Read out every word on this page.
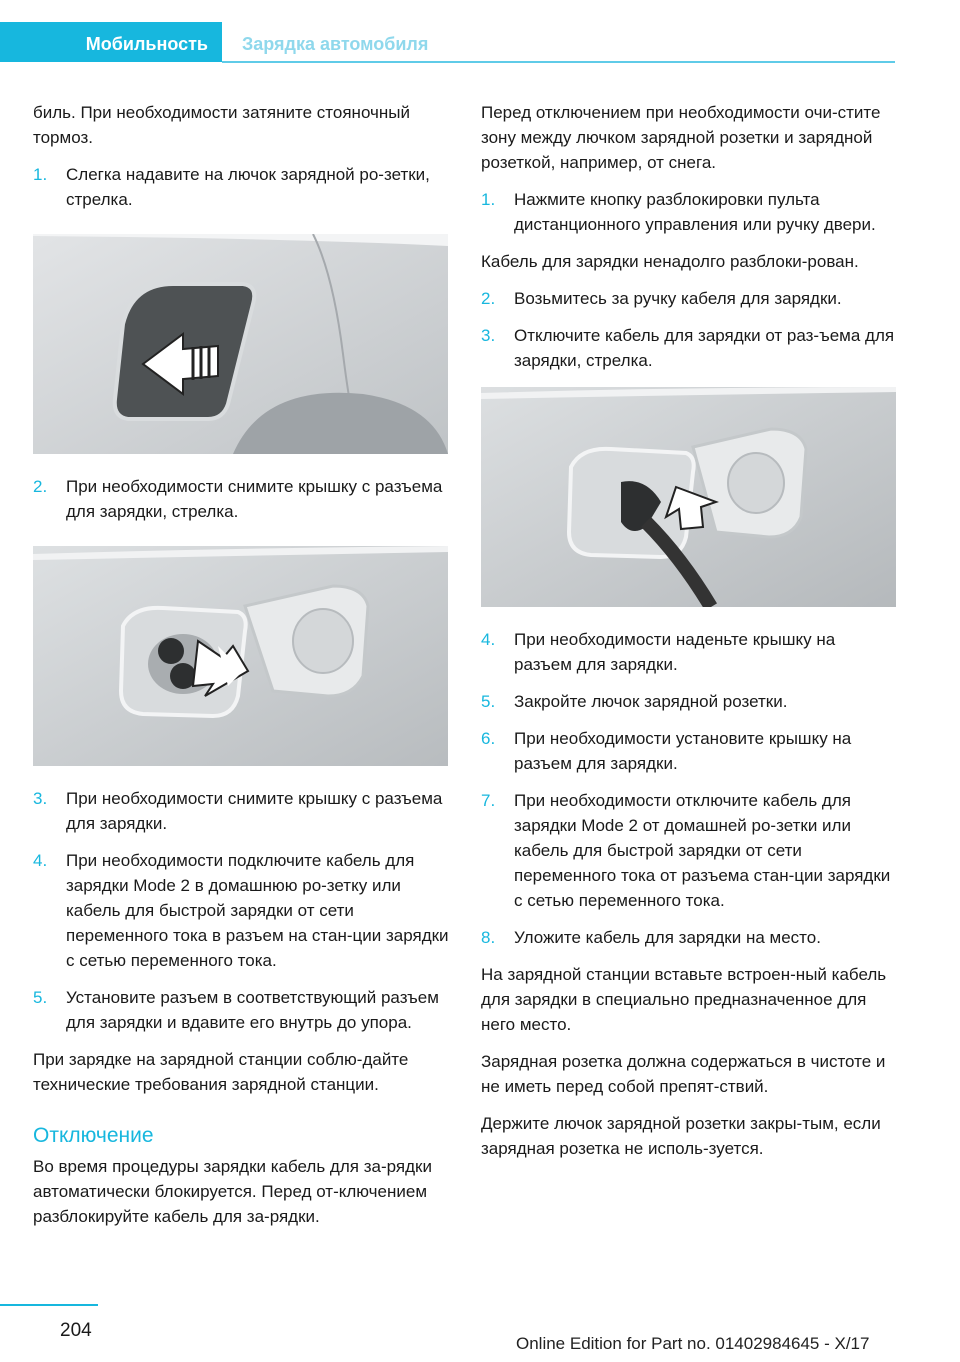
Мобильность	Зарядка автомобиля

биль. При необходимости затяните стояночный тормоз.

1.	Слегка надавите на лючок зарядной ро‐зетки, стрелка.
2.	При необходимости снимите крышку с разъема для зарядки, стрелка.
3.	При необходимости снимите крышку с разъема для зарядки.
4.	При необходимости подключите кабель для зарядки Mode 2 в домашнюю ро‐зетку или кабель для быстрой зарядки от сети переменного тока в разъем на стан‐ции зарядки с сетью переменного тока.
5.	Установите разъем в соответствующий разъем для зарядки и вдавите его внутрь до упора.

При зарядке на зарядной станции соблю‐дайте технические требования зарядной станции.

Отключение

Во время процедуры зарядки кабель для за‐рядки автоматически блокируется. Перед от‐ключением разблокируйте кабель для за‐рядки.

Перед отключением при необходимости очи‐стите зону между лючком зарядной розетки и зарядной розеткой, например, от снега.

1.	Нажмите кнопку разблокировки пульта дистанционного управления или ручку двери.

Кабель для зарядки ненадолго разблоки‐рован.

2.	Возьмитесь за ручку кабеля для зарядки.
3.	Отключите кабель для зарядки от раз‐ъема для зарядки, стрелка.
4.	При необходимости наденьте крышку на разъем для зарядки.
5.	Закройте лючок зарядной розетки.
6.	При необходимости установите крышку на разъем для зарядки.
7.	При необходимости отключите кабель для зарядки Mode 2 от домашней ро‐зетки или кабель для быстрой зарядки от сети переменного тока от разъема стан‐ции зарядки с сетью переменного тока.
8.	Уложите кабель для зарядки на место.

На зарядной станции вставьте встроен‐ный кабель для зарядки в специально предназначенное для него место.

Зарядная розетка должна содержаться в чистоте и не иметь перед собой препят‐ствий.

Держите лючок зарядной розетки закры‐тым, если зарядная розетка не исполь‐зуется.

204
Online Edition for Part no. 01402984645 - X/17
